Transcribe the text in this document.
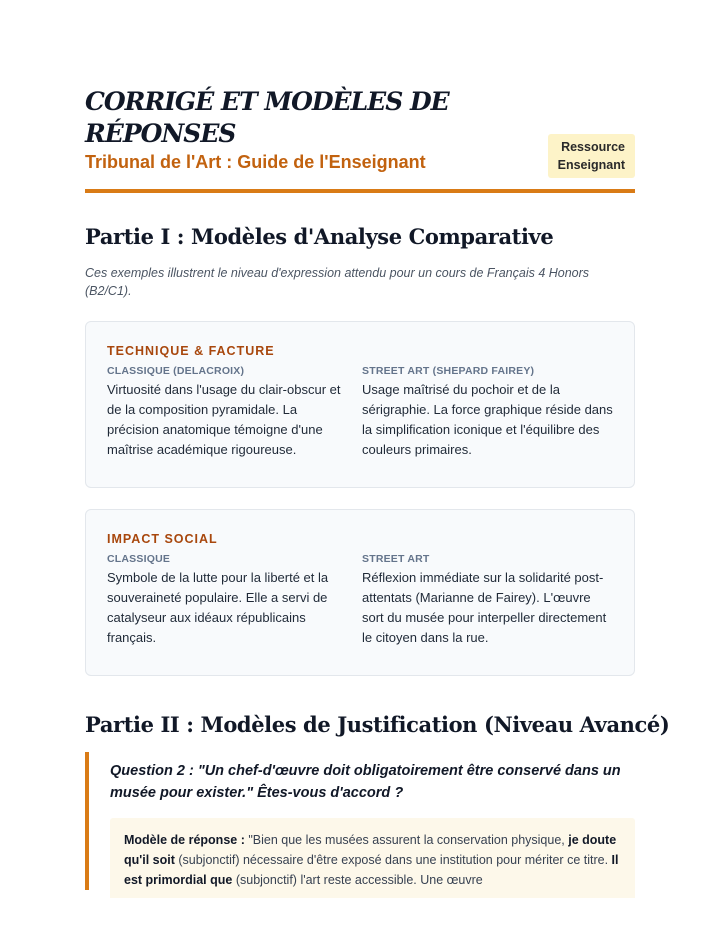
CORRIGÉ ET MODÈLES DE RÉPONSES
Tribunal de l'Art : Guide de l'Enseignant
Ressource
Enseignant
Partie I : Modèles d'Analyse Comparative

Ces exemples illustrent le niveau d'expression attendu pour un cours de Français 4 Honors (B2/C1).

TECHNIQUE & FACTURE
CLASSIQUE (DELACROIX)
Virtuosité dans l'usage du clair-obscur et de la composition pyramidale. La précision anatomique témoigne d'une maîtrise académique rigoureuse.
STREET ART (SHEPARD FAIREY)
Usage maîtrisé du pochoir et de la sérigraphie. La force graphique réside dans la simplification iconique et l'équilibre des couleurs primaires.
IMPACT SOCIAL
CLASSIQUE
Symbole de la lutte pour la liberté et la souveraineté populaire. Elle a servi de catalyseur aux idéaux républicains français.
STREET ART
Réflexion immédiate sur la solidarité post-attentats (Marianne de Fairey). L'œuvre sort du musée pour interpeller directement le citoyen dans la rue.
Partie II : Modèles de Justification (Niveau Avancé)

Question 2 : "Un chef-d'œuvre doit obligatoirement être conservé dans un musée pour exister." Êtes-vous d'accord ?

Modèle de réponse : "Bien que les musées assurent la conservation physique, je doute qu'il soit (subjonctif) nécessaire d'être exposé dans une institution pour mériter ce titre. Il est primordial que (subjonctif) l'art reste accessible. Une œuvre
